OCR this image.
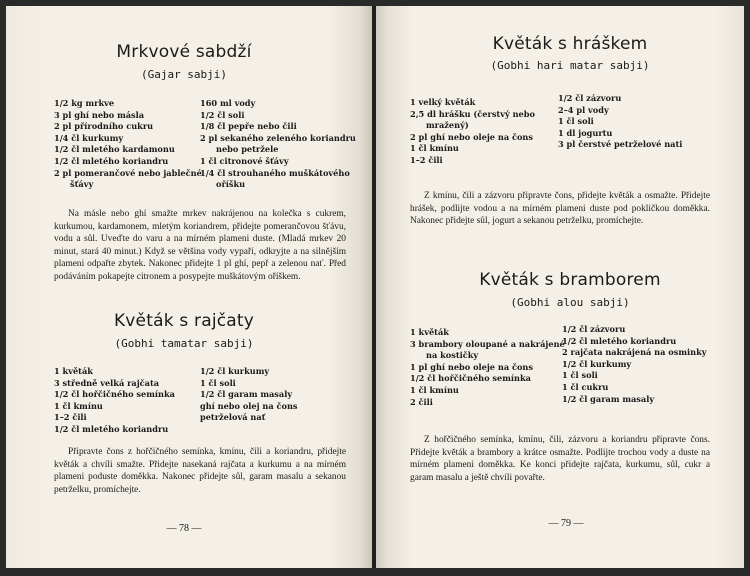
Mrkvové sabdží
(Gajar sabji)
1/2 kg mrkve
3 pl ghí nebo másla
2 pl přírodního cukru
1/4 čl kurkumy
1/2 čl mletého kardamonu
1/2 čl mletého koriandru
2 pl pomerančové nebo jablečné
šťávy
160 ml vody
1/2 čl soli
1/8 čl pepře nebo čili
2 pl sekaného zeleného koriandru
nebo petržele
1 čl citronové šťávy
1/4 čl strouhaného muškátového
oříšku
Na másle nebo ghí smažte mrkev nakrájenou na kolečka s cukrem, kurkumou, kardamonem, mletým koriandrem, přidejte pomerančovou šťávu, vodu a sůl. Uveďte do varu a na mírném plameni duste. (Mladá mrkev 20 minut, stará 40 minut.) Když se většina vody vypaří, odkryjte a na silnějším plameni odpařte zbytek. Nakonec přidejte 1 pl ghí, pepř a zelenou nať. Před podáváním pokapejte citronem a posypejte muškátovým oříškem.
Květák s rajčaty
(Gobhi tamatar sabji)
1 květák
3 středně velká rajčata
1/2 čl hořčičného semínka
1 čl kmínu
1–2 čili
1/2 čl mletého koriandru
1/2 čl kurkumy
1 čl soli
1/2 čl garam masaly
ghí nebo olej na čons
petrželová nať
Připravte čons z hořčičného semínka, kmínu, čili a koriandru, přidejte květák a chvíli smažte. Přidejte nasekaná rajčata a kurkumu a na mírném plameni poduste doměkka. Nakonec přidejte sůl, garam masalu a sekanou petrželku, promíchejte.
— 78 —
Květák s hráškem
(Gobhi hari matar sabji)
1 velký květák
2,5 dl hrášku (čerstvý nebo
mražený)
2 pl ghí nebo oleje na čons
1 čl kmínu
1–2 čili
1/2 čl zázvoru
2–4 pl vody
1 čl soli
1 dl jogurtu
3 pl čerstvé petrželové nati
Z kmínu, čili a zázvoru připravte čons, přidejte květák a osmažte. Přidejte hrášek, podlijte vodou a na mírném plameni duste pod pokličkou doměkka. Nakonec přidejte sůl, jogurt a sekanou petrželku, promíchejte.
Květák s bramborem
(Gobhi alou sabji)
1 květák
3 brambory oloupané a nakrájené
na kostičky
1 pl ghí nebo oleje na čons
1/2 čl hořčičného semínka
1 čl kmínu
2 čili
1/2 čl zázvoru
1/2 čl mletého koriandru
2 rajčata nakrájená na osminky
1/2 čl kurkumy
1 čl soli
1 čl cukru
1/2 čl garam masaly
Z hořčičného semínka, kmínu, čili, zázvoru a koriandru připravte čons. Přidejte květák a brambory a krátce osmažte. Podlijte trochou vody a duste na mírném plameni doměkka. Ke konci přidejte rajčata, kurkumu, sůl, cukr a garam masalu a ještě chvíli povařte.
— 79 —
